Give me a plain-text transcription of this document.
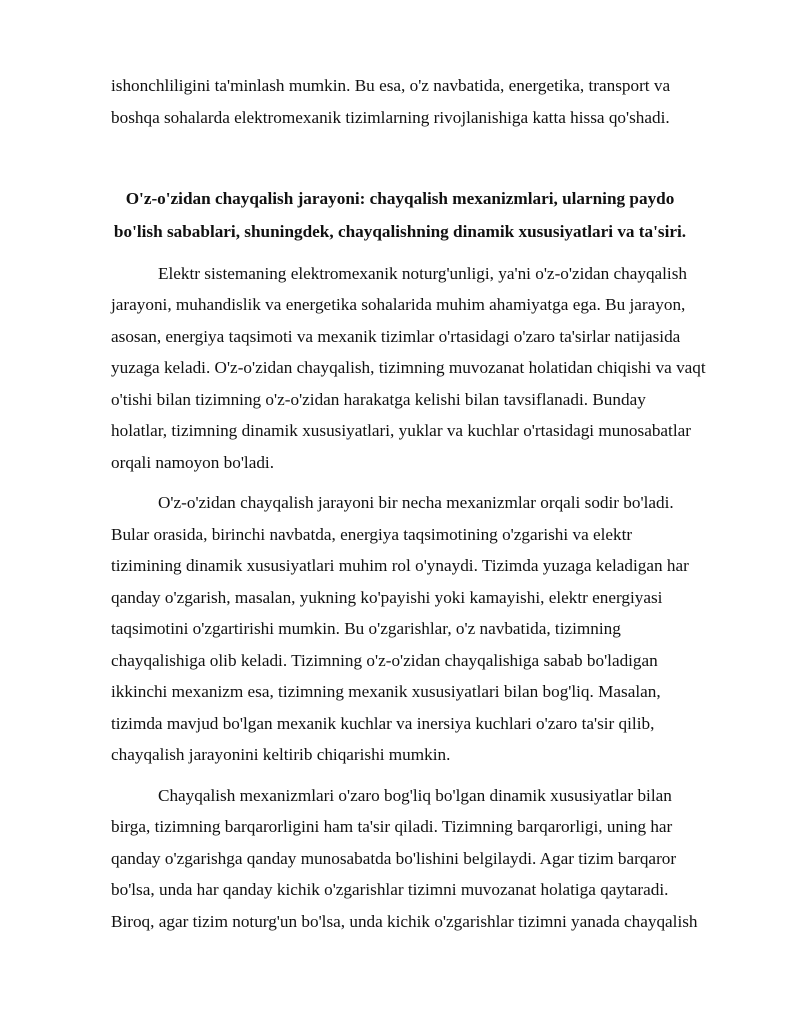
ishonchliligini ta'minlash mumkin. Bu esa, o'z navbatida, energetika, transport va
boshqa sohalarda elektromexanik tizimlarning rivojlanishiga katta hissa qo'shadi.
O'z-o'zidan chayqalish jarayoni: chayqalish mexanizmlari, ularning paydo
bo'lish sabablari, shuningdek, chayqalishning dinamik xususiyatlari va ta'siri.
Elektr sistemaning elektromexanik noturg'unligi, ya'ni o'z-o'zidan chayqalish
jarayoni, muhandislik va energetika sohalarida muhim ahamiyatga ega. Bu jarayon,
asosan, energiya taqsimoti va mexanik tizimlar o'rtasidagi o'zaro ta'sirlar natijasida
yuzaga keladi. O'z-o'zidan chayqalish, tizimning muvozanat holatidan chiqishi va vaqt
o'tishi bilan tizimning o'z-o'zidan harakatga kelishi bilan tavsiflanadi. Bunday
holatlar, tizimning dinamik xususiyatlari, yuklar va kuchlar o'rtasidagi munosabatlar
orqali namoyon bo'ladi.
O'z-o'zidan chayqalish jarayoni bir necha mexanizmlar orqali sodir bo'ladi.
Bular orasida, birinchi navbatda, energiya taqsimotining o'zgarishi va elektr
tizimining dinamik xususiyatlari muhim rol o'ynaydi. Tizimda yuzaga keladigan har
qanday o'zgarish, masalan, yukning ko'payishi yoki kamayishi, elektr energiyasi
taqsimotini o'zgartirishi mumkin. Bu o'zgarishlar, o'z navbatida, tizimning
chayqalishiga olib keladi. Tizimning o'z-o'zidan chayqalishiga sabab bo'ladigan
ikkinchi mexanizm esa, tizimning mexanik xususiyatlari bilan bog'liq. Masalan,
tizimda mavjud bo'lgan mexanik kuchlar va inersiya kuchlari o'zaro ta'sir qilib,
chayqalish jarayonini keltirib chiqarishi mumkin.
Chayqalish mexanizmlari o'zaro bog'liq bo'lgan dinamik xususiyatlar bilan
birga, tizimning barqarorligini ham ta'sir qiladi. Tizimning barqarorligi, uning har
qanday o'zgarishga qanday munosabatda bo'lishini belgilaydi. Agar tizim barqaror
bo'lsa, unda har qanday kichik o'zgarishlar tizimni muvozanat holatiga qaytaradi.
Biroq, agar tizim noturg'un bo'lsa, unda kichik o'zgarishlar tizimni yanada chayqalish
